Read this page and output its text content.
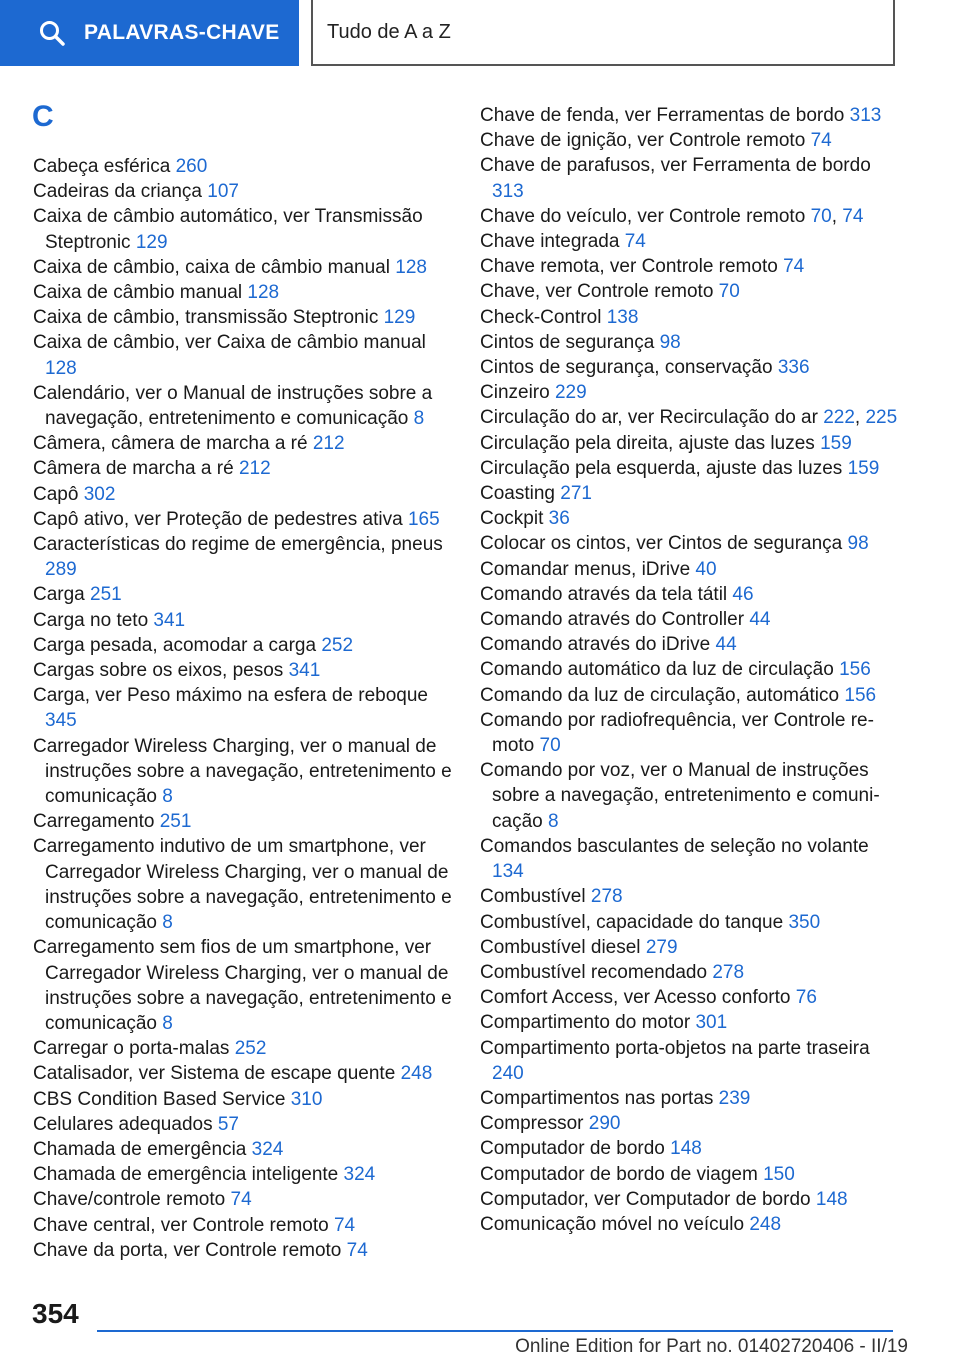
PALAVRAS-CHAVE Tudo de A a Z
C

Cabeça esférica 260

Cadeiras da criança 107

Caixa de câmbio automático, ver Transmissão Steptronic 129

Caixa de câmbio, caixa de câmbio manual 128

Caixa de câmbio manual 128

Caixa de câmbio, transmissão Steptronic 129

Caixa de câmbio, ver Caixa de câmbio manual 128

Calendário, ver o Manual de instruções sobre a navegação, entretenimento e comunicação 8

Câmera, câmera de marcha a ré 212

Câmera de marcha a ré 212

Capô 302

Capô ativo, ver Proteção de pedestres ativa 165

Características do regime de emergência, pneus 289

Carga 251

Carga no teto 341

Carga pesada, acomodar a carga 252

Cargas sobre os eixos, pesos 341

Carga, ver Peso máximo na esfera de reboque 345

Carregador Wireless Charging, ver o manual de instruções sobre a navegação, entretenimento e comunicação 8

Carregamento 251

Carregamento indutivo de um smartphone, ver Carregador Wireless Charging, ver o manual de instruções sobre a navegação, entretenimento e comunicação 8

Carregamento sem fios de um smartphone, ver Carregador Wireless Charging, ver o manual de instruções sobre a navegação, entretenimento e comunicação 8

Carregar o porta-malas 252

Catalisador, ver Sistema de escape quente 248

CBS Condition Based Service 310

Celulares adequados 57

Chamada de emergência 324

Chamada de emergência inteligente 324

Chave/controle remoto 74

Chave central, ver Controle remoto 74

Chave da porta, ver Controle remoto 74

Chave de fenda, ver Ferramentas de bordo 313

Chave de ignição, ver Controle remoto 74

Chave de parafusos, ver Ferramenta de bordo 313

Chave do veículo, ver Controle remoto 70, 74

Chave integrada 74

Chave remota, ver Controle remoto 74

Chave, ver Controle remoto 70

Check-Control 138

Cintos de segurança 98

Cintos de segurança, conservação 336

Cinzeiro 229

Circulação do ar, ver Recirculação do ar 222, 225

Circulação pela direita, ajuste das luzes 159

Circulação pela esquerda, ajuste das luzes 159

Coasting 271

Cockpit 36

Colocar os cintos, ver Cintos de segurança 98

Comandar menus, iDrive 40

Comando através da tela tátil 46

Comando através do Controller 44

Comando através do iDrive 44

Comando automático da luz de circulação 156

Comando da luz de circulação, automático 156

Comando por radiofrequência, ver Controle remoto 70

Comando por voz, ver o Manual de instruções sobre a navegação, entretenimento e comunicação 8

Comandos basculantes de seleção no volante 134

Combustível 278

Combustível, capacidade do tanque 350

Combustível diesel 279

Combustível recomendado 278

Comfort Access, ver Acesso conforto 76

Compartimento do motor 301

Compartimento porta-objetos na parte traseira 240

Compartimentos nas portas 239

Compressor 290

Computador de bordo 148

Computador de bordo de viagem 150

Computador, ver Computador de bordo 148

Comunicação móvel no veículo 248

354
Online Edition for Part no. 01402720406 - II/19
